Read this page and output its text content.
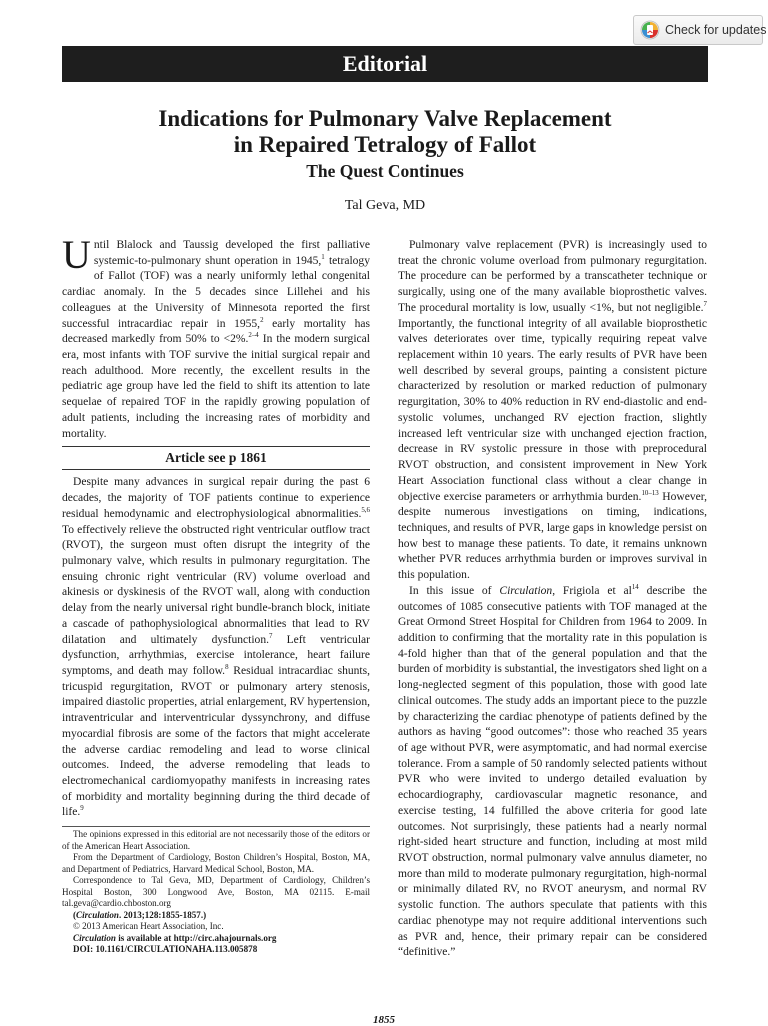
Check for updates
Editorial
Indications for Pulmonary Valve Replacement
in Repaired Tetralogy of Fallot
The Quest Continues
Tal Geva, MD

Until Blalock and Taussig developed the first palliative systemic-to-pulmonary shunt operation in 1945,$^1$ tetralogy of Fallot (TOF) was a nearly uniformly lethal congenital cardiac anomaly. In the 5 decades since Lillehei and his colleagues at the University of Minnesota reported the first successful intracardiac repair in 1955,$^2$ early mortality has decreased markedly from 50% to <2%.$^{2-4}$ In the modern surgical era, most infants with TOF survive the initial surgical repair and reach adulthood. More recently, the excellent results in the pediatric age group have led the field to shift its attention to late sequelae of repaired TOF in the rapidly growing population of adult patients, including the increasing rates of morbidity and mortality.

Article see p 1861

Despite many advances in surgical repair during the past 6 decades, the majority of TOF patients continue to experience residual hemodynamic and electrophysiological abnormalities.$^{5,6}$ To effectively relieve the obstructed right ventricular outflow tract (RVOT), the surgeon must often disrupt the integrity of the pulmonary valve, which results in pulmonary regurgitation. The ensuing chronic right ventricular (RV) volume overload and akinesis or dyskinesis of the RVOT wall, along with conduction delay from the nearly universal right bundle-branch block, initiate a cascade of pathophysiological abnormalities that lead to RV dilatation and ultimately dysfunction.$^7$ Left ventricular dysfunction, arrhythmias, exercise intolerance, heart failure symptoms, and death may follow.$^8$ Residual intracardiac shunts, tricuspid regurgitation, RVOT or pulmonary artery stenosis, impaired diastolic properties, atrial enlargement, RV hypertension, intraventricular and interventricular dyssynchrony, and diffuse myocardial fibrosis are some of the factors that might accelerate the adverse cardiac remodeling and lead to worse clinical outcomes. Indeed, the adverse remodeling that leads to electromechanical cardiomyopathy manifests in increasing rates of morbidity and mortality beginning during the third decade of life.$^9$

Pulmonary valve replacement (PVR) is increasingly used to treat the chronic volume overload from pulmonary regurgitation. The procedure can be performed by a transcatheter technique or surgically, using one of the many available bioprosthetic valves. The procedural mortality is low, usually <1%, but not negligible.$^7$ Importantly, the functional integrity of all available bioprosthetic valves deteriorates over time, typically requiring repeat valve replacement within 10 years. The early results of PVR have been well described by several groups, painting a consistent picture characterized by resolution or marked reduction of pulmonary regurgitation, 30% to 40% reduction in RV end-diastolic and end-systolic volumes, unchanged RV ejection fraction, slightly increased left ventricular size with unchanged ejection fraction, decrease in RV systolic pressure in those with preprocedural RVOT obstruction, and consistent improvement in New York Heart Association functional class without a clear change in objective exercise parameters or arrhythmia burden.$^{10-13}$ However, despite numerous investigations on timing, indications, techniques, and results of PVR, large gaps in knowledge persist on how best to manage these patients. To date, it remains unknown whether PVR reduces arrhythmia burden or improves survival in this population.

In this issue of Circulation, Frigiola et $al^{14}$ describe the outcomes of 1085 consecutive patients with TOF managed at the Great Ormond Street Hospital for Children from 1964 to 2009. In addition to confirming that the mortality rate in this population is 4-fold higher than that of the general population and that the burden of morbidity is substantial, the investigators shed light on a long-neglected segment of this population, those with good late clinical outcomes. The study adds an important piece to the puzzle by characterizing the cardiac phenotype of patients defined by the authors as having “good outcomes”: those who reached 35 years of age without PVR, were asymptomatic, and had normal exercise tolerance. From a sample of 50 randomly selected patients without PVR who were invited to undergo detailed evaluation by echocardiography, cardiovascular magnetic resonance, and exercise testing, 14 fulfilled the above criteria for good late outcomes. Not surprisingly, these patients had a nearly normal right-sided heart structure and function, including at most mild RVOT obstruction, normal pulmonary valve annulus diameter, no more than mild to moderate pulmonary regurgitation, high-normal or minimally dilated RV, no RVOT aneurysm, and normal RV systolic function. The authors speculate that patients with this cardiac phenotype may not require additional interventions such as PVR and, hence, their primary repair can be considered “definitive.”

The opinions expressed in this editorial are not necessarily those of the editors or of the American Heart Association.

From the Department of Cardiology, Boston Children’s Hospital, Boston, MA, and Department of Pediatrics, Harvard Medical School, Boston, MA.

Correspondence to Tal Geva, MD, Department of Cardiology, Children’s Hospital Boston, 300 Longwood Ave, Boston, MA 02115. E-mail tal.geva@cardio.chboston.org

(Circulation. 2013;128:1855-1857.)

© 2013 American Heart Association, Inc.

Circulation is available at http://circ.ahajournals.org

DOI: 10.1161/CIRCULATIONAHA.113.005878

1855
